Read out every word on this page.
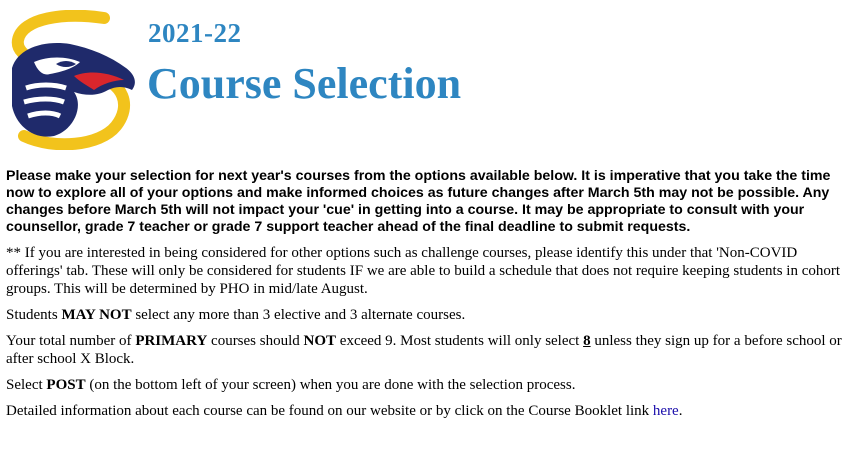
2021-22
Course Selection

Please make your selection for next year's courses from the options available below. It is imperative that you take the time now to explore all of your options and make informed choices as future changes after March 5th may not be possible. Any changes before March 5th will not impact your 'cue' in getting into a course. It may be appropriate to consult with your counsellor, grade 7 teacher or grade 7 support teacher ahead of the final deadline to submit requests.

** If you are interested in being considered for other options such as challenge courses, please identify this under that 'Non-COVID offerings' tab. These will only be considered for students IF we are able to build a schedule that does not require keeping students in cohort groups. This will be determined by PHO in mid/late August.

Students MAY NOT select any more than 3 elective and 3 alternate courses.

Your total number of PRIMARY courses should NOT exceed 9. Most students will only select 8 unless they sign up for a before school or after school X Block.

Select POST (on the bottom left of your screen) when you are done with the selection process.

Detailed information about each course can be found on our website or by click on the Course Booklet link here.
